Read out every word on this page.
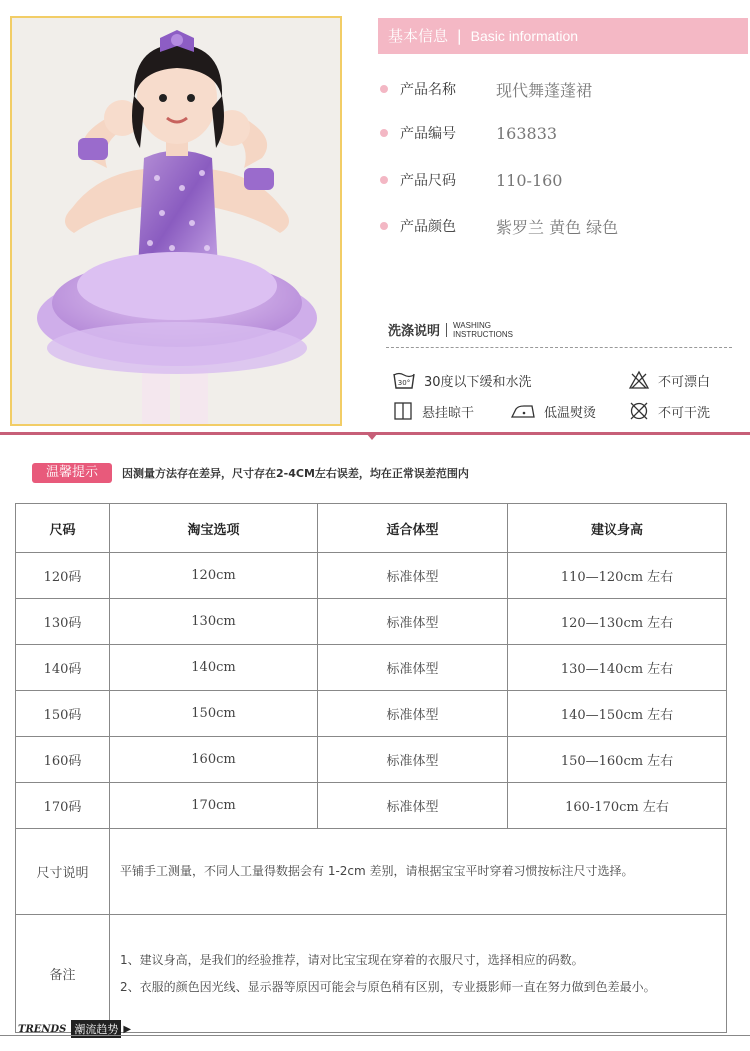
基本信息 | Basic information
产品名称	现代舞蓬蓬裙
产品编号	163833
产品尺码	110-160
产品颜色	紫罗兰 黄色 绿色
洗涤说明 WASHING
INSTRUCTIONS
30° 30度以下缓和水洗	不可漂白
悬挂晾干	低温熨烫	不可干洗
温馨提示	因测量方法存在差异，尺寸存在2-4CM左右误差，均在正常误差范围内
尺码	淘宝选项	适合体型	建议身高
120码	120cm	标准体型	110—120cm 左右
130码	130cm	标准体型	120—130cm 左右
140码	140cm	标准体型	130—140cm 左右
150码	150cm	标准体型	140—150cm 左右
160码	160cm	标准体型	150—160cm 左右
170码	170cm	标准体型	160-170cm 左右
尺寸说明	平铺手工测量，不同人工量得数据会有 1-2cm 差别，请根据宝宝平时穿着习惯按标注尺寸选择。		
备注	1、建议身高，是我们的经验推荐，请对比宝宝现在穿着的衣服尺寸，选择相应的码数。
2、衣服的颜色因光线、显示器等原因可能会与原色稍有区别，专业摄影师一直在努力做到色差最小。		
TRENDS 潮流趋势 ▶
